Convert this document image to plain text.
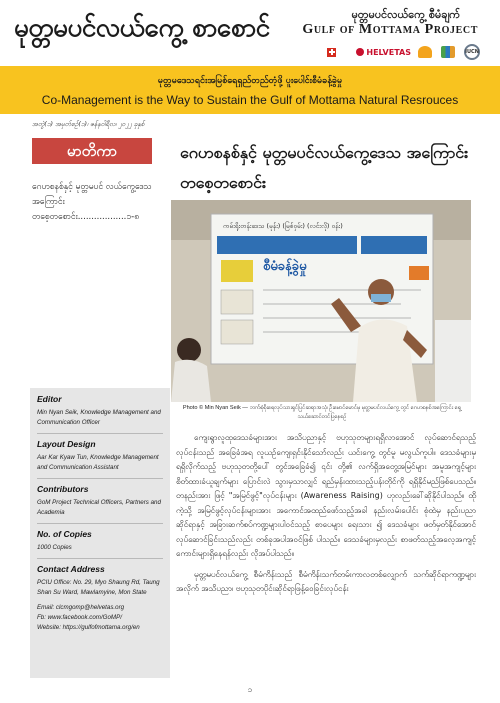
မုတ္တမပင်လယ်ကွေ့ စာစောင်	မုတ္တမပင်လယ်ကွေ့ စီမံချက်
Gulf of Mottama Project
HELVETAS	IUCN
မုတ္တမဒေသရင်းအမြစ်ရေရှည်တည်တံ့ဖို့ ပူးပေါင်းစီမံခန့်ခွဲမှု
Co-Management is the Way to Sustain the Gulf of Mottama Natural Resrouces
အတွဲ(၁) အမှတ်စဉ်(၁)၊ ဇန်နဝါရီလ၊ ၂၀၂၂ ခုနှစ်
မာတိကာ
ဂေဟစနစ်နှင့် မုတ္တမပင် လယ်ကွေ့ဒေသအကြောင်း တစေ့တစောင်း..................၁-၈
Editor
Min Nyan Seik, Knowledge Management and Communication Officer
Layout Design
Aar Kar Kyaw Tun, Knowledge Management and Communication Assistant
Contributors
GoM Project Technical Officers, Partners and Academia
No. of Copies
1000 Copies
Contact Address
PCIU Office: No. 29, Myo Shaung Rd, Taung Shan Su Ward, Mawlamyine, Mon State
Email: clcmgomp@helvetas.org
Fb: www.facebook.com/GoMP/
Website: https://gulfofmottama.org/en
ဂေဟစနစ်နှင့် မုတ္တမပင်လယ်ကွေ့ဒေသ အကြောင်း တစေ့တစောင်း
ကမ်းရိုးတန်းဒေသ (မုန်း) (မြစ်ဝှမ်း) (လင်းလို) ဝန်း)
စီမံခန့်ခွဲမှု
Photo © Min Nyan Seik — ဘက်စုံစိုးရေလုပ်သားရှင်ပြင်ဆရာအသုံ၊ ဦးမောင်မောင်မှ မုတ္တမပင်လယ်ကွေ့ တွင် ဂေဟစနစ်အကြောင်း ရှေ့သယ်ဆောင်တင်ပြနေစဉ်

ကျေးရွာလူထုဒေသခံများအား အသိပညာနှင့် ဗဟုသုတများရရှိလာအောင် လုပ်ဆောင်ရသည့်လုပ်ငန်းသည် အခြေခံအရ လူယဉ်ကျေးရှင်းနိုင်သော်လည်း ယင်းကွေ့ တွင်မူ မလွယ်ကူပါ။ ဒေသခံများမှ ရရှိလိုက်သည့် ဗဟုသုတတို့ပေါ် တွင်အခြေခံ၍ ၎င်း တို့၏ လက်ရှိအတွေ့အမြင်များ အမူအကျင့်များ စိတ်ထားခံယူချက်များ ပြောင်းလဲ သွားမှသာလျှင် ရည်မှန်းထားသည့်ပန်းတိုင်ကို ရရှိနိုင်မည်ဖြစ်ပေသည်။ တနည်းအား ဖြင့် "အမြင်ဖွင့်"လုပ်ငန်းများ (Awareness Raising) ဟုလည်းခေါ်ဆိုနိုင်ပါသည်။ ထိုကဲ့သို့ အမြင်ဖွင့်လုပ်ငန်းများအား အကောင်အထည်ဖော်သည့်အခါ နည်းလမ်းပေါင်း စုံထဲမှ နည်းပညာဆိုင်ရာနှင့် အခြားဆက်စပ်ကဏ္ဍများပါဝင်သည့် စာပေများ ရေးသား ၍ ဒေသခံများ ဖတ်မှတ်နိုင်အောင် လုပ်ဆောင်ခြင်းသည်လည်း တစ်ခုအပါအဝင်ဖြစ် ပါသည်။ ဒေသခံများမှလည်း စာဖတ်သည့်အလေ့အကျင့်ကောင်းများရှိနေရန်လည်း လိုအပ်ပါသည်။

မုတ္တမပင်လယ်ကွေ့ စီမံကိန်းသည် စီမံကိန်းသက်တမ်းကာလတစ်လျှောက် သက်ဆိုင်ရာကဏ္ဍများအလိုက် အသိပညာ၊ ဗဟုသုတပိုင်းဆိုင်ရာဖြန့်ဝေခြင်းလုပ်ငန်း

၁
